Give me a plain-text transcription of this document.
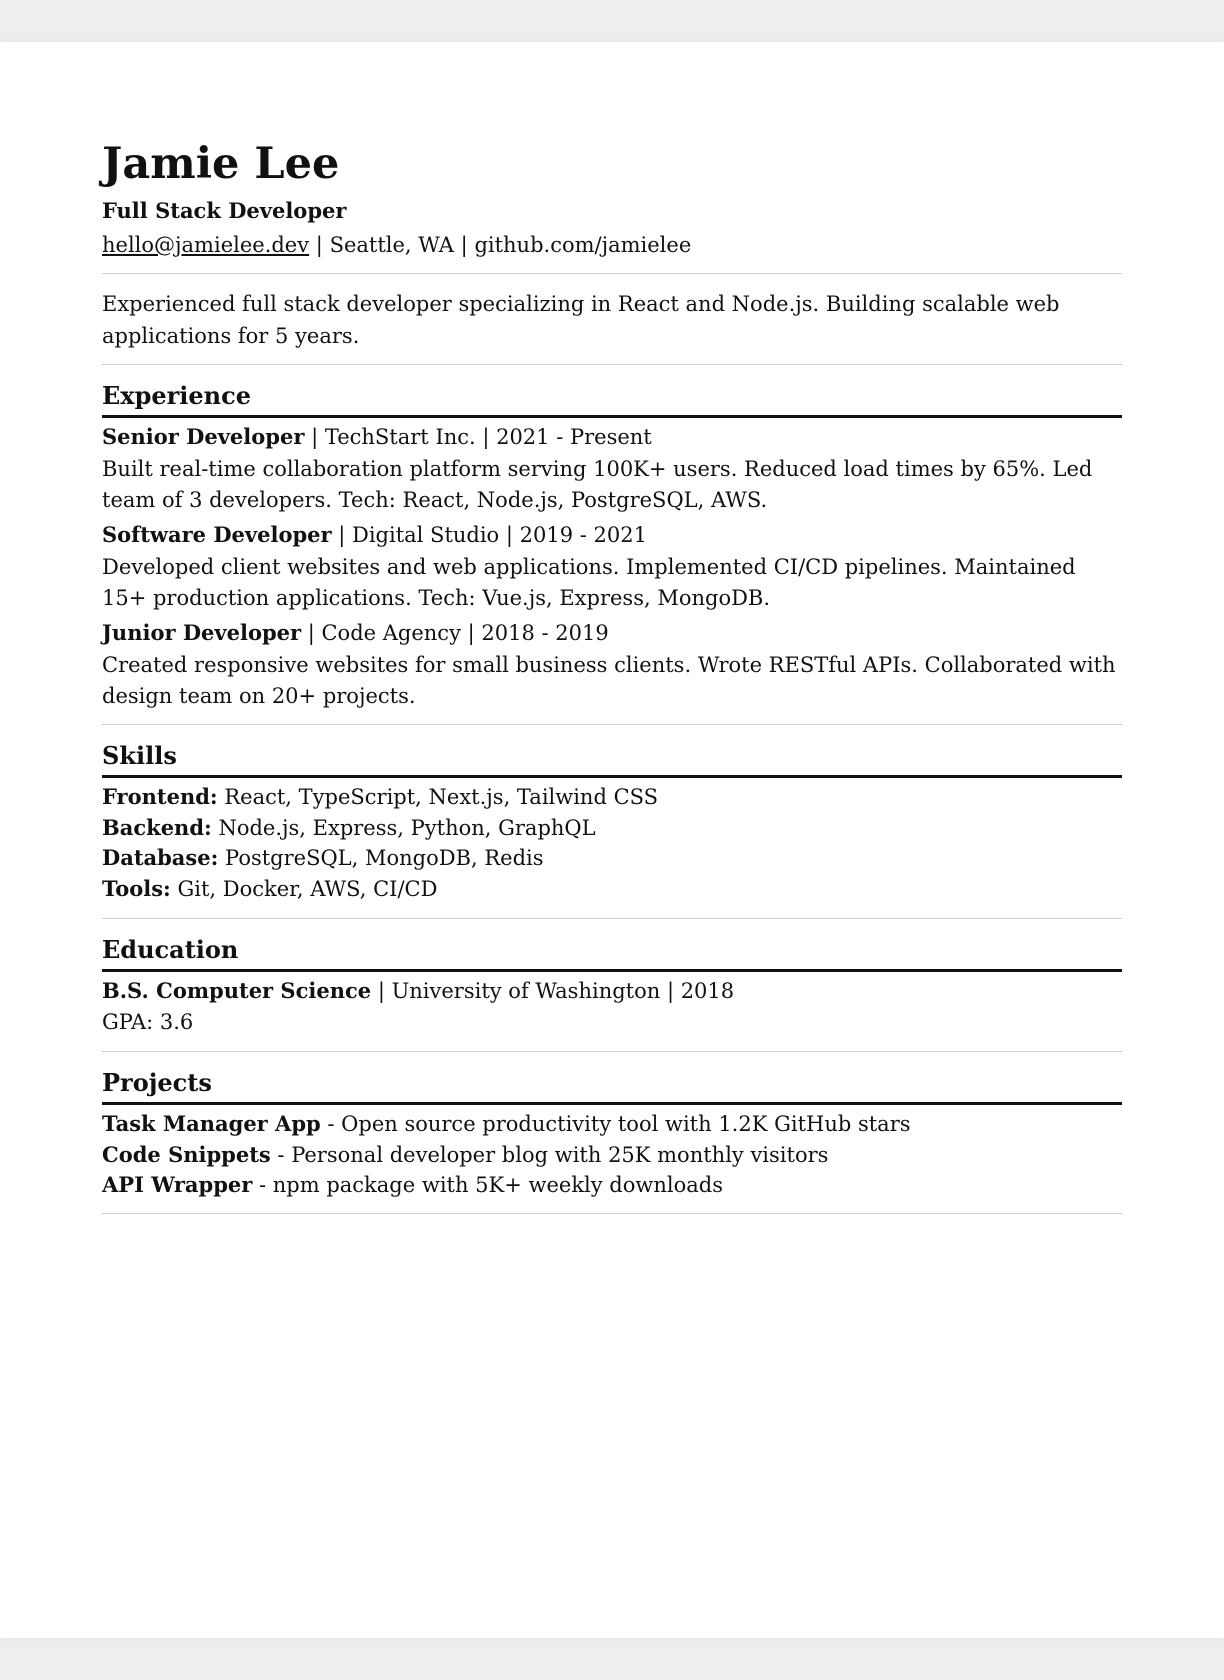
Jamie Lee
Full Stack Developer
hello@jamielee.dev | Seattle, WA | github.com/jamielee
Experienced full stack developer specializing in React and Node.js. Building scalable web applications for 5 years.
Experience
Senior Developer | TechStart Inc. | 2021 - Present
Built real-time collaboration platform serving 100K+ users. Reduced load times by 65%. Led team of 3 developers. Tech: React, Node.js, PostgreSQL, AWS.
Software Developer | Digital Studio | 2019 - 2021
Developed client websites and web applications. Implemented CI/CD pipelines. Maintained 15+ production applications. Tech: Vue.js, Express, MongoDB.
Junior Developer | Code Agency | 2018 - 2019
Created responsive websites for small business clients. Wrote RESTful APIs. Collaborated with design team on 20+ projects.
Skills
Frontend: React, TypeScript, Next.js, Tailwind CSS
Backend: Node.js, Express, Python, GraphQL
Database: PostgreSQL, MongoDB, Redis
Tools: Git, Docker, AWS, CI/CD
Education
B.S. Computer Science | University of Washington | 2018
GPA: 3.6
Projects
Task Manager App - Open source productivity tool with 1.2K GitHub stars
Code Snippets - Personal developer blog with 25K monthly visitors
API Wrapper - npm package with 5K+ weekly downloads
